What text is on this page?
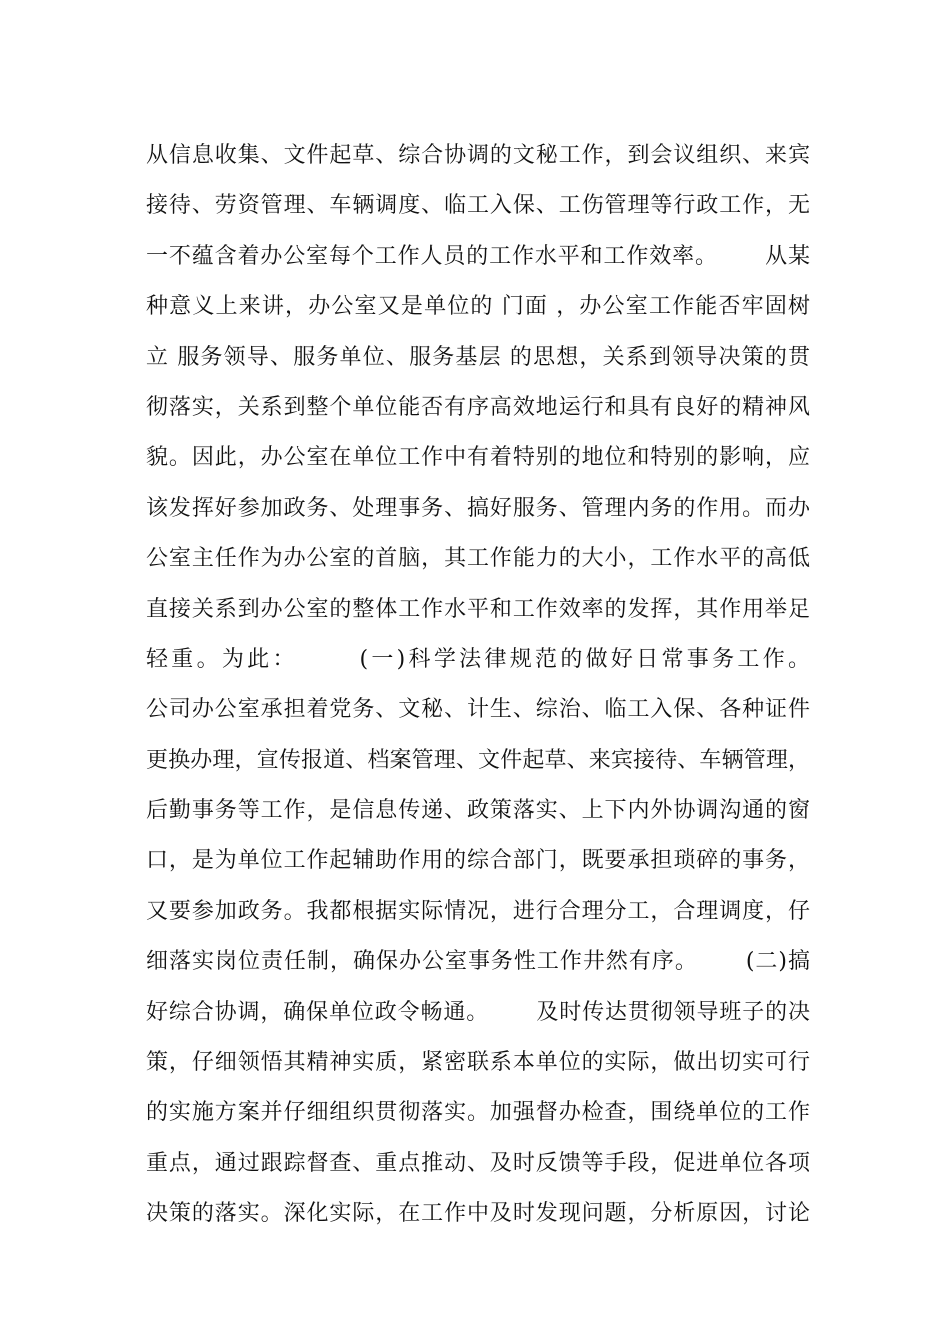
从信息收集、文件起草、综合协调的文秘工作，到会议组织、来宾
接待、劳资管理、车辆调度、临工入保、工伤管理等行政工作，无
一不蕴含着办公室每个工作人员的工作水平和工作效率。      从某
种意义上来讲，办公室又是单位的 门面 ，办公室工作能否牢固树
立 服务领导、服务单位、服务基层 的思想，关系到领导决策的贯
彻落实，关系到整个单位能否有序高效地运行和具有良好的精神风
貌。因此，办公室在单位工作中有着特别的地位和特别的影响，应
该发挥好参加政务、处理事务、搞好服务、管理内务的作用。而办
公室主任作为办公室的首脑，其工作能力的大小，工作水平的高低
直接关系到办公室的整体工作水平和工作效率的发挥，其作用举足
轻重。为此：      (一)科学法律规范的做好日常事务工作。
公司办公室承担着党务、文秘、计生、综治、临工入保、各种证件
更换办理，宣传报道、档案管理、文件起草、来宾接待、车辆管理，
后勤事务等工作，是信息传递、政策落实、上下内外协调沟通的窗
口，是为单位工作起辅助作用的综合部门，既要承担琐碎的事务，
又要参加政务。我都根据实际情况，进行合理分工，合理调度，仔
细落实岗位责任制，确保办公室事务性工作井然有序。      (二)搞
好综合协调，确保单位政令畅通。      及时传达贯彻领导班子的决
策，仔细领悟其精神实质，紧密联系本单位的实际，做出切实可行
的实施方案并仔细组织贯彻落实。加强督办检查，围绕单位的工作
重点，通过跟踪督查、重点推动、及时反馈等手段，促进单位各项
决策的落实。深化实际，在工作中及时发现问题，分析原因，讨论
